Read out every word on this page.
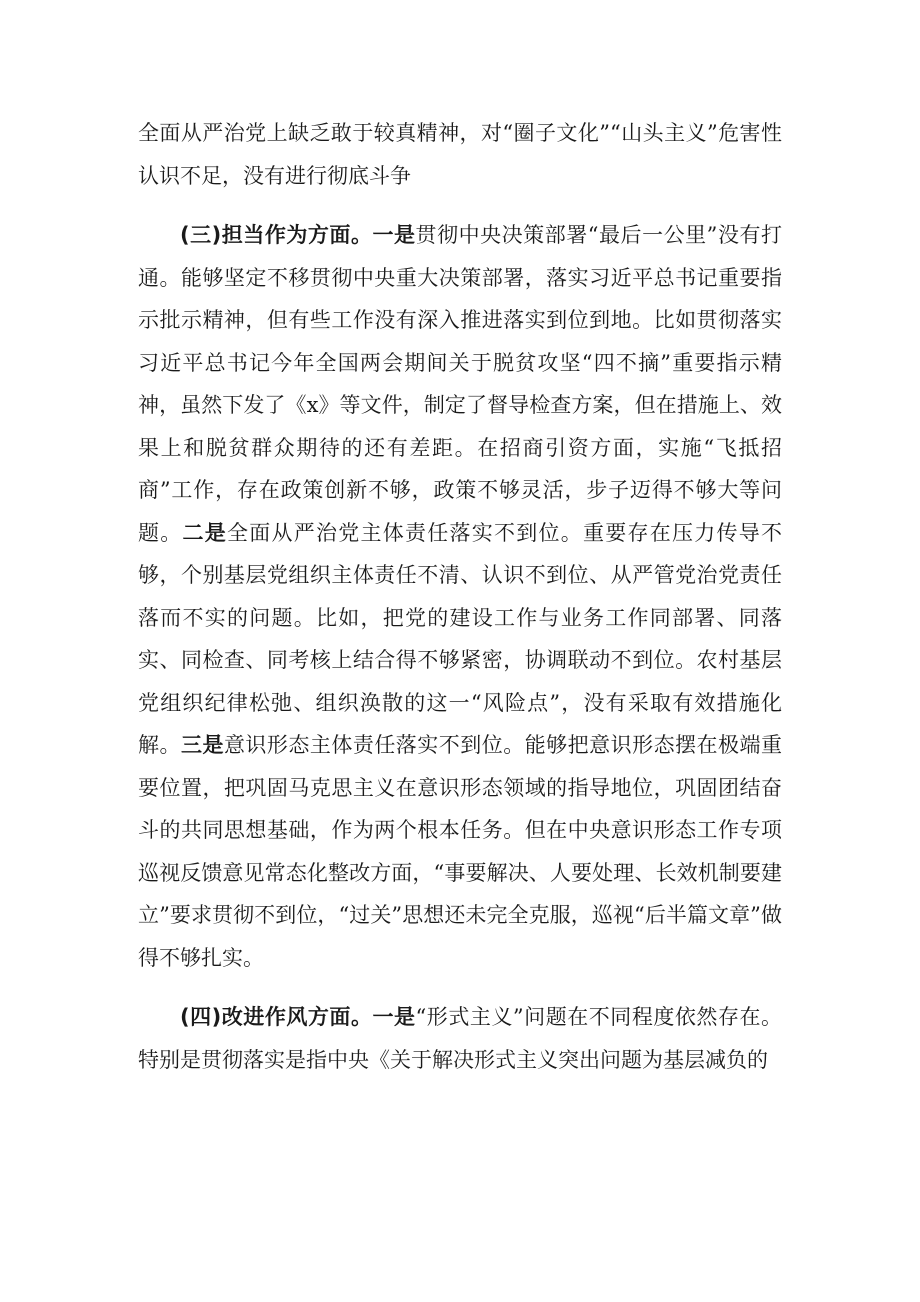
全面从严治党上缺乏敢于较真精神，对“圈子文化”“山头主义”危害性认识不足，没有进行彻底斗争

(三)担当作为方面。一是贯彻中央决策部署“最后一公里”没有打通。能够坚定不移贯彻中央重大决策部署，落实习近平总书记重要指示批示精神，但有些工作没有深入推进落实到位到地。比如贯彻落实习近平总书记今年全国两会期间关于脱贫攻坚“四不摘”重要指示精神，虽然下发了《x》等文件，制定了督导检查方案，但在措施上、效果上和脱贫群众期待的还有差距。在招商引资方面，实施“飞抵招商”工作，存在政策创新不够，政策不够灵活，步子迈得不够大等问题。二是全面从严治党主体责任落实不到位。重要存在压力传导不够，个别基层党组织主体责任不清、认识不到位、从严管党治党责任落而不实的问题。比如，把党的建设工作与业务工作同部署、同落实、同检查、同考核上结合得不够紧密，协调联动不到位。农村基层党组织纪律松弛、组织涣散的这一“风险点”，没有采取有效措施化解。三是意识形态主体责任落实不到位。能够把意识形态摆在极端重要位置，把巩固马克思主义在意识形态领域的指导地位，巩固团结奋斗的共同思想基础，作为两个根本任务。但在中央意识形态工作专项巡视反馈意见常态化整改方面，“事要解决、人要处理、长效机制要建立”要求贯彻不到位，“过关”思想还未完全克服，巡视“后半篇文章”做得不够扎实。

(四)改进作风方面。一是“形式主义”问题在不同程度依然存在。特别是贯彻落实是指中央《关于解决形式主义突出问题为基层减负的
